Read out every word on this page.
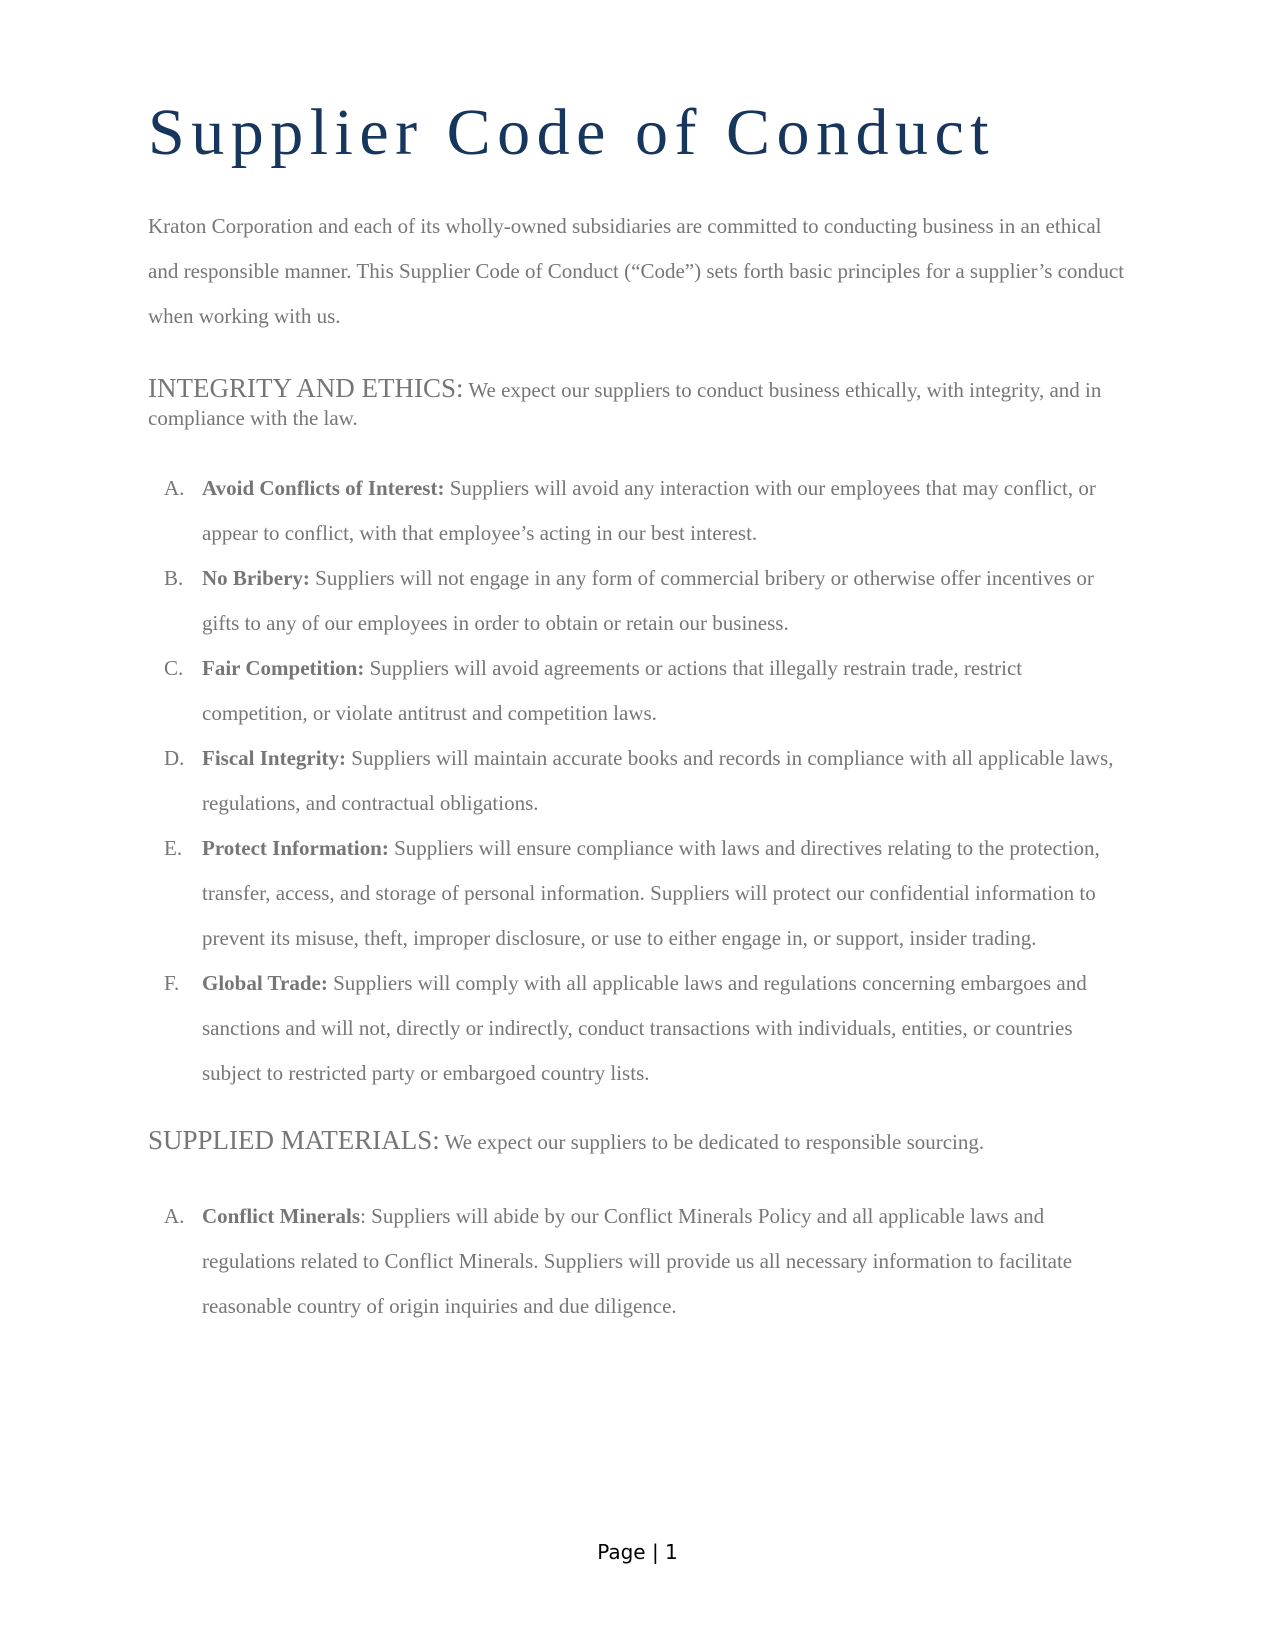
Supplier Code of Conduct

Kraton Corporation and each of its wholly-owned subsidiaries are committed to conducting business in an ethical and responsible manner. This Supplier Code of Conduct (“Code”) sets forth basic principles for a supplier’s conduct when working with us.

INTEGRITY AND ETHICS: We expect our suppliers to conduct business ethically, with integrity, and in compliance with the law.

A. Avoid Conflicts of Interest: Suppliers will avoid any interaction with our employees that may conflict, or appear to conflict, with that employee’s acting in our best interest.
B. No Bribery: Suppliers will not engage in any form of commercial bribery or otherwise offer incentives or gifts to any of our employees in order to obtain or retain our business.
C. Fair Competition: Suppliers will avoid agreements or actions that illegally restrain trade, restrict competition, or violate antitrust and competition laws.
D. Fiscal Integrity: Suppliers will maintain accurate books and records in compliance with all applicable laws, regulations, and contractual obligations.
E. Protect Information: Suppliers will ensure compliance with laws and directives relating to the protection, transfer, access, and storage of personal information. Suppliers will protect our confidential information to prevent its misuse, theft, improper disclosure, or use to either engage in, or support, insider trading.
F. Global Trade: Suppliers will comply with all applicable laws and regulations concerning embargoes and sanctions and will not, directly or indirectly, conduct transactions with individuals, entities, or countries subject to restricted party or embargoed country lists.

SUPPLIED MATERIALS: We expect our suppliers to be dedicated to responsible sourcing.

A. Conflict Minerals: Suppliers will abide by our Conflict Minerals Policy and all applicable laws and regulations related to Conflict Minerals. Suppliers will provide us all necessary information to facilitate reasonable country of origin inquiries and due diligence.
Page | 1
